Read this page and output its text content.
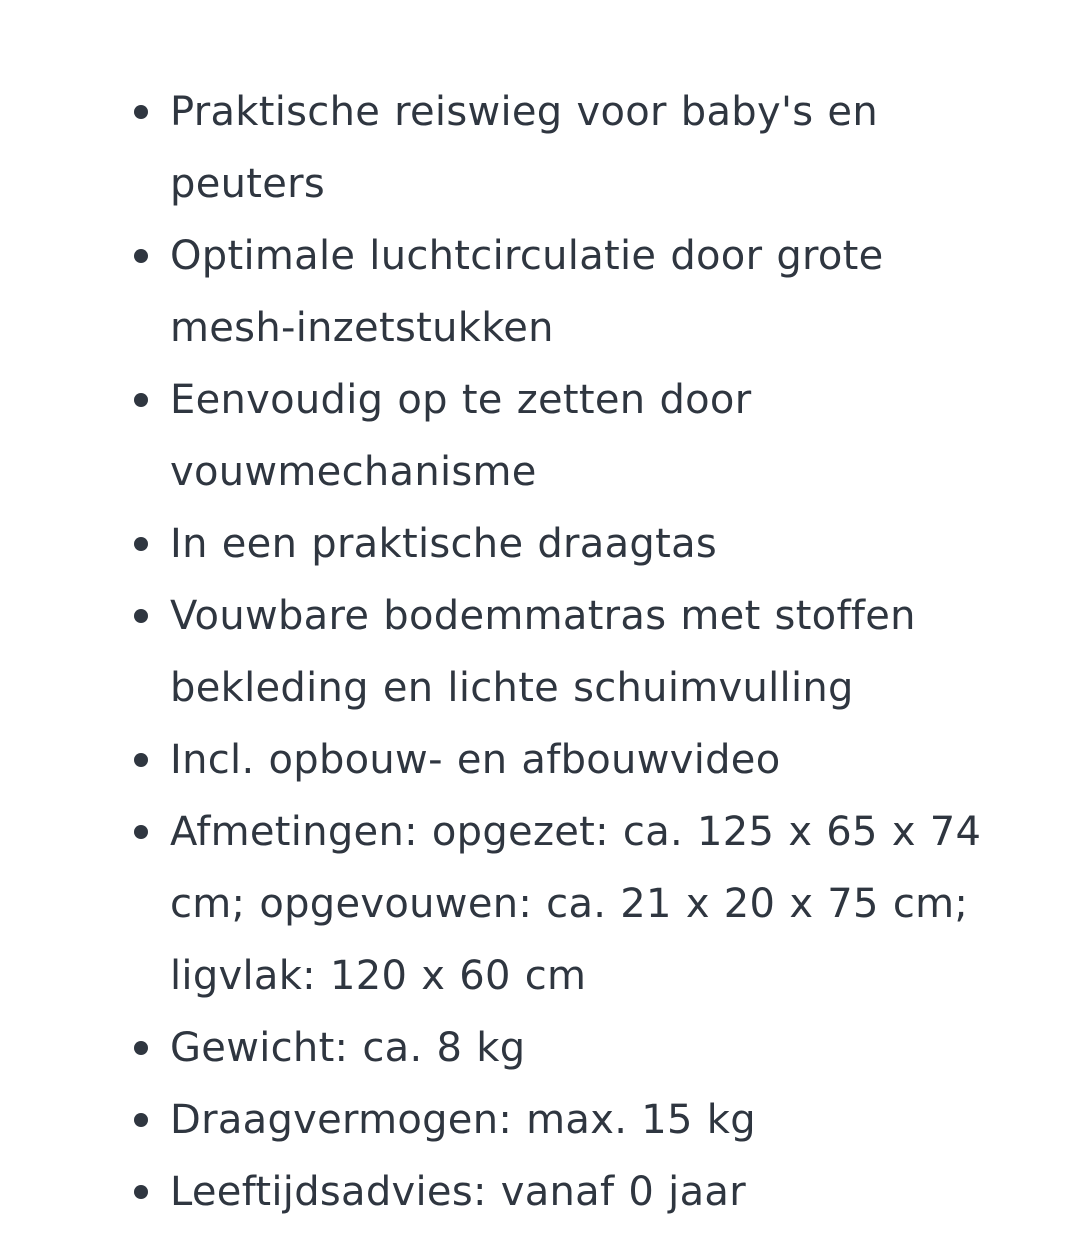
Praktische reiswieg voor baby's en peuters
Optimale luchtcirculatie door grote mesh-inzetstukken
Eenvoudig op te zetten door vouwmechanisme
In een praktische draagtas
Vouwbare bodemmatras met stoffen bekleding en lichte schuimvulling
Incl. opbouw- en afbouwvideo
Afmetingen: opgezet: ca. 125 x 65 x 74 cm; opgevouwen: ca. 21 x 20 x 75 cm; ligvlak: 120 x 60 cm
Gewicht: ca. 8 kg
Draagvermogen: max. 15 kg
Leeftijdsadvies: vanaf 0 jaar
